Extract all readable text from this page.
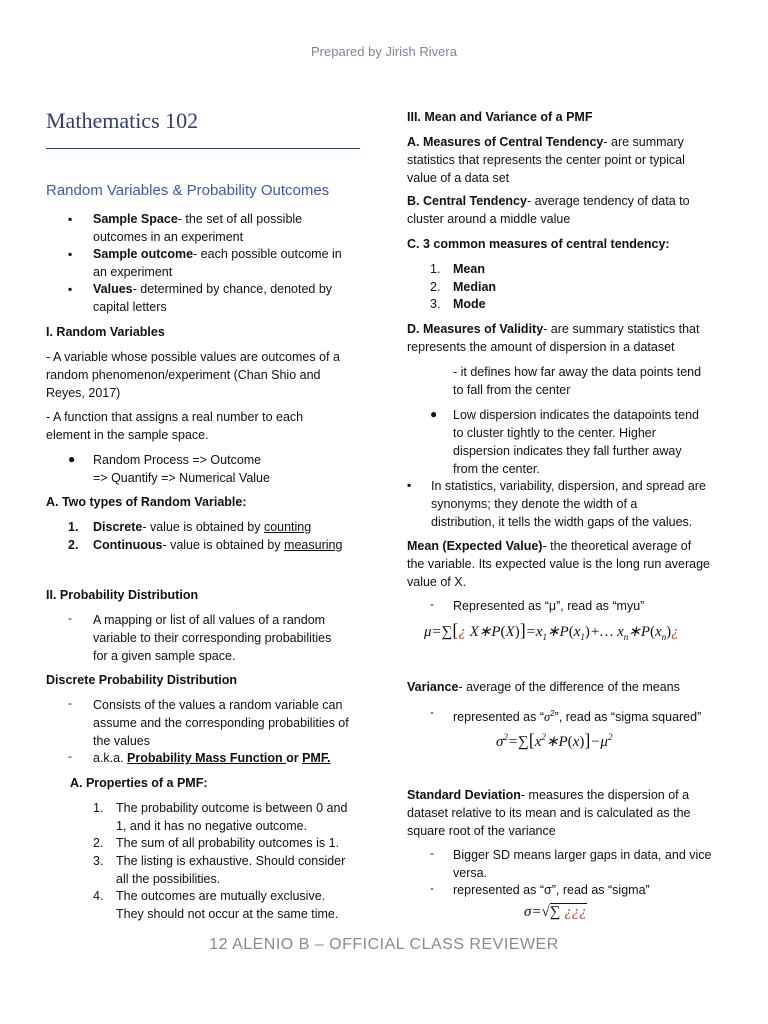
Prepared by Jirish Rivera
Mathematics 102
Random Variables & Probability Outcomes
▪ Sample Space- the set of all possible
outcomes in an experiment
▪ Sample outcome- each possible outcome in
an experiment
▪ Values- determined by chance, denoted by
capital letters
I. Random Variables
- A variable whose possible values are outcomes of a
random phenomenon/experiment (Chan Shio and
Reyes, 2017)
- A function that assigns a real number to each
element in the sample space.
● Random Process => Outcome
=> Quantify => Numerical Value
A. Two types of Random Variable:
1. Discrete- value is obtained by counting
2. Continuous- value is obtained by measuring
II. Probability Distribution
- A mapping or list of all values of a random
variable to their corresponding probabilities
for a given sample space.
Discrete Probability Distribution
- Consists of the values a random variable can
assume and the corresponding probabilities of
the values
- a.k.a. Probability Mass Function or PMF.
A. Properties of a PMF:
1. The probability outcome is between 0 and
1, and it has no negative outcome.
2. The sum of all probability outcomes is 1.
3. The listing is exhaustive. Should consider
all the possibilities.
4. The outcomes are mutually exclusive.
They should not occur at the same time.
III. Mean and Variance of a PMF
A. Measures of Central Tendency- are summary
statistics that represents the center point or typical
value of a data set
B. Central Tendency- average tendency of data to
cluster around a middle value
C. 3 common measures of central tendency:
1. Mean
2. Median
3. Mode
D. Measures of Validity- are summary statistics that
represents the amount of dispersion in a dataset
- it defines how far away the data points tend
to fall from the center
● Low dispersion indicates the datapoints tend
to cluster tightly to the center. Higher
dispersion indicates they fall further away
from the center.
▪ In statistics, variability, dispersion, and spread are
synonyms; they denote the width of a
distribution, it tells the width gaps of the values.
Mean (Expected Value)- the theoretical average of
the variable. Its expected value is the long run average
value of X.
- Represented as “μ”, read as “myu”
μ=∑[¿ $X∗P(X)]=x_1∗P(x_1)+\dots$ $x_n∗P(x_n)¿$
Variance- average of the difference of the means
- represented as “$\sigma^2$”, read as “sigma squared”
$\sigma^2=\sum[x^2∗P(x)]-\mu^2$
Standard Deviation- measures the dispersion of a
dataset relative to its mean and is calculated as the
square root of the variance
- Bigger SD means larger gaps in data, and vice
versa.
- represented as “σ”, read as “sigma”
σ=√∑ ¿¿¿
12 ALENIO B – OFFICIAL CLASS REVIEWER
